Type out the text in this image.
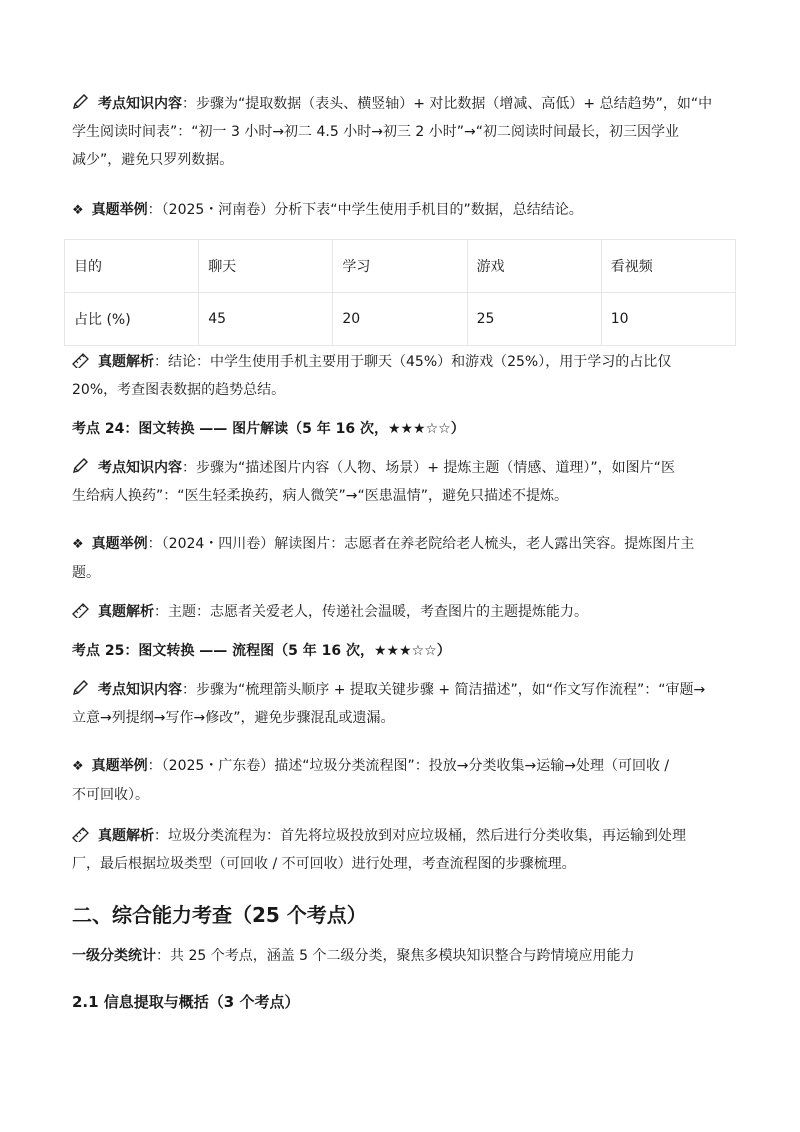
考点知识内容：步骤为“提取数据（表头、横竖轴）+ 对比数据（增减、高低）+ 总结趋势”，如“中
学生阅读时间表”：“初一 3 小时→初二 4.5 小时→初三 2 小时”→“初二阅读时间最长，初三因学业
减少”，避免只罗列数据。

❖ 真题举例：（2025・河南卷）分析下表“中学生使用手机目的”数据，总结结论。

目的	聊天	学习	游戏	看视频
占比 (%)	45	20	25	10

真题解析：结论：中学生使用手机主要用于聊天（45%）和游戏（25%），用于学习的占比仅
20%，考查图表数据的趋势总结。

考点 24：图文转换 —— 图片解读（5 年 16 次，★★★☆☆）

考点知识内容：步骤为“描述图片内容（人物、场景）+ 提炼主题（情感、道理）”，如图片“医
生给病人换药”：“医生轻柔换药，病人微笑”→“医患温情”，避免只描述不提炼。

❖ 真题举例：（2024・四川卷）解读图片：志愿者在养老院给老人梳头，老人露出笑容。提炼图片主
题。

真题解析：主题：志愿者关爱老人，传递社会温暖，考查图片的主题提炼能力。

考点 25：图文转换 —— 流程图（5 年 16 次，★★★☆☆）

考点知识内容：步骤为“梳理箭头顺序 + 提取关键步骤 + 简洁描述”，如“作文写作流程”：“审题→
立意→列提纲→写作→修改”，避免步骤混乱或遗漏。

❖ 真题举例：（2025・广东卷）描述“垃圾分类流程图”：投放→分类收集→运输→处理（可回收 /
不可回收）。

真题解析：垃圾分类流程为：首先将垃圾投放到对应垃圾桶，然后进行分类收集，再运输到处理
厂，最后根据垃圾类型（可回收 / 不可回收）进行处理，考查流程图的步骤梳理。

二、综合能力考查（25 个考点）

一级分类统计：共 25 个考点，涵盖 5 个二级分类，聚焦多模块知识整合与跨情境应用能力

2.1 信息提取与概括（3 个考点）
